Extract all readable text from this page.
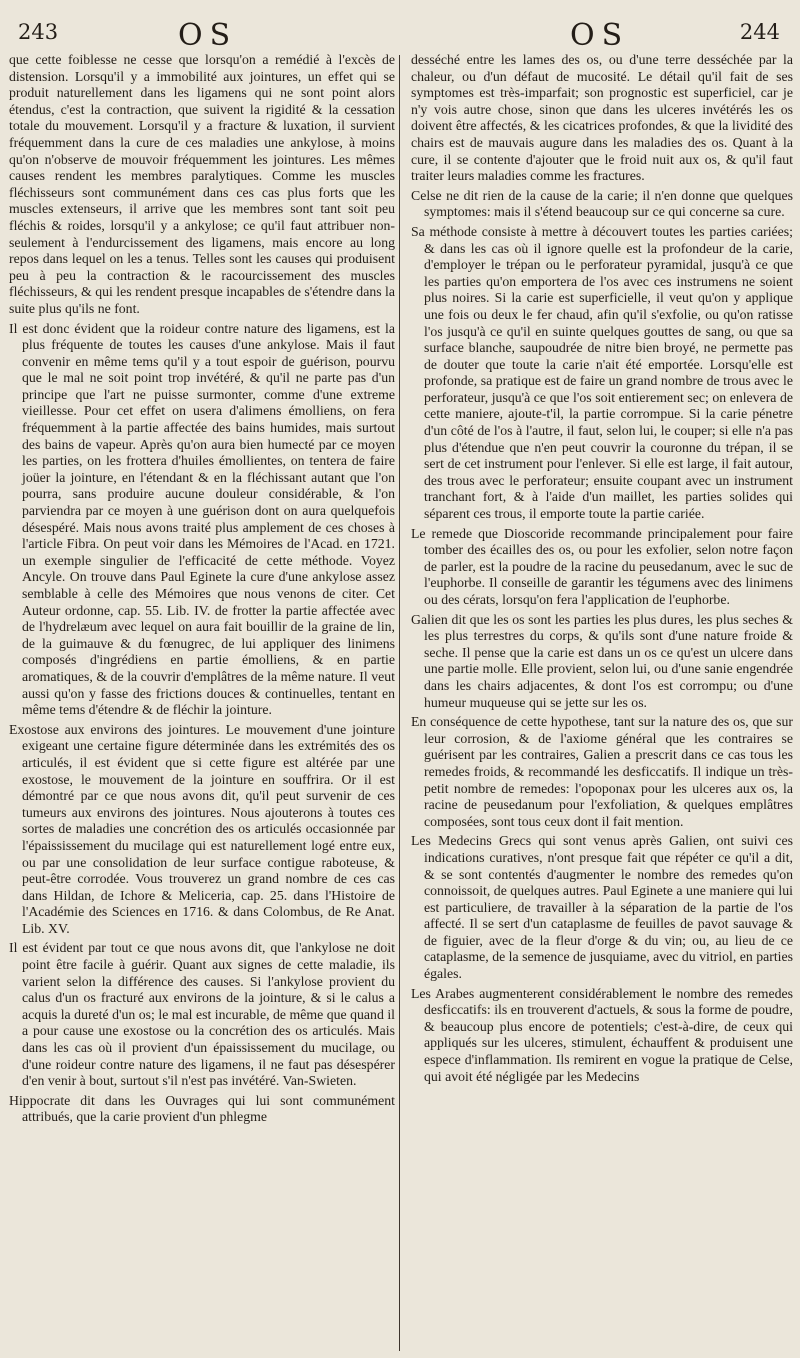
243	OS	OS	244

que cette foiblesse ne cesse que lorsqu'on a remédié à l'excès de distension. Lorsqu'il y a immobilité aux jointures, un effet qui se produit naturellement dans les ligamens qui ne sont point alors étendus, c'est la contraction, que suivent la rigidité & la cessation totale du mouvement. Lorsqu'il y a fracture & luxation, il survient fréquemment dans la cure de ces maladies une ankylose, à moins qu'on n'observe de mouvoir fréquemment les jointures. Les mêmes causes rendent les membres paralytiques. Comme les muscles fléchisseurs sont communément dans ces cas plus forts que les muscles extenseurs, il arrive que les membres sont tant soit peu fléchis & roides, lorsqu'il y a ankylose; ce qu'il faut attribuer non-seulement à l'endurcissement des ligamens, mais encore au long repos dans lequel on les a tenus. Telles sont les causes qui produisent peu à peu la contraction & le racourcissement des muscles fléchisseurs, & qui les rendent presque incapables de s'étendre dans la suite plus qu'ils ne font.

Il est donc évident que la roideur contre nature des ligamens, est la plus fréquente de toutes les causes d'une ankylose. Mais il faut convenir en même tems qu'il y a tout espoir de guérison, pourvu que le mal ne soit point trop invétéré, & qu'il ne parte pas d'un principe que l'art ne puisse surmonter, comme d'une extreme vieillesse. Pour cet effet on usera d'alimens émolliens, on fera fréquemment à la partie affectée des bains humides, mais surtout des bains de vapeur. Après qu'on aura bien humecté par ce moyen les parties, on les frottera d'huiles émollientes, on tentera de faire joüer la jointure, en l'étendant & en la fléchissant autant que l'on pourra, sans produire aucune douleur considérable, & l'on parviendra par ce moyen à une guérison dont on aura quelquefois désespéré. Mais nous avons traité plus amplement de ces choses à l'article Fibra. On peut voir dans les Mémoires de l'Acad. en 1721. un exemple singulier de l'efficacité de cette méthode. Voyez Ancyle. On trouve dans Paul Eginete la cure d'une ankylose assez semblable à celle des Mémoires que nous venons de citer. Cet Auteur ordonne, cap. 55. Lib. IV. de frotter la partie affectée avec de l'hydrelæum avec lequel on aura fait bouillir de la graine de lin, de la guimauve & du fœnugrec, de lui appliquer des linimens composés d'ingrédiens en partie émolliens, & en partie aromatiques, & de la couvrir d'emplâtres de la même nature. Il veut aussi qu'on y fasse des frictions douces & continuelles, tentant en même tems d'étendre & de fléchir la jointure.

Exostose aux environs des jointures. Le mouvement d'une jointure exigeant une certaine figure déterminée dans les extrémités des os articulés, il est évident que si cette figure est altérée par une exostose, le mouvement de la jointure en souffrira. Or il est démontré par ce que nous avons dit, qu'il peut survenir de ces tumeurs aux environs des jointures. Nous ajouterons à toutes ces sortes de maladies une concrétion des os articulés occasionnée par l'épaississement du mucilage qui est naturellement logé entre eux, ou par une consolidation de leur surface contigue raboteuse, & peut-être corrodée. Vous trouverez un grand nombre de ces cas dans Hildan, de Ichore & Meliceria, cap. 25. dans l'Histoire de l'Académie des Sciences en 1716. & dans Colombus, de Re Anat. Lib. XV.

Il est évident par tout ce que nous avons dit, que l'ankylose ne doit point être facile à guérir. Quant aux signes de cette maladie, ils varient selon la différence des causes. Si l'ankylose provient du calus d'un os fracturé aux environs de la jointure, & si le calus a acquis la dureté d'un os; le mal est incurable, de même que quand il a pour cause une exostose ou la concrétion des os articulés. Mais dans les cas où il provient d'un épaississement du mucilage, ou d'une roideur contre nature des ligamens, il ne faut pas désespérer d'en venir à bout, surtout s'il n'est pas invétéré. Van-Swieten.

Hippocrate dit dans les Ouvrages qui lui sont communément attribués, que la carie provient d'un phlegme

desséché entre les lames des os, ou d'une terre desséchée par la chaleur, ou d'un défaut de mucosité. Le détail qu'il fait de ses symptomes est très-imparfait; son prognostic est superficiel, car je n'y vois autre chose, sinon que dans les ulceres invétérés les os doivent être affectés, & les cicatrices profondes, & que la lividité des chairs est de mauvais augure dans les maladies des os. Quant à la cure, il se contente d'ajouter que le froid nuit aux os, & qu'il faut traiter leurs maladies comme les fractures.

Celse ne dit rien de la cause de la carie; il n'en donne que quelques symptomes: mais il s'étend beaucoup sur ce qui concerne sa cure.

Sa méthode consiste à mettre à découvert toutes les parties cariées; & dans les cas où il ignore quelle est la profondeur de la carie, d'employer le trépan ou le perforateur pyramidal, jusqu'à ce que les parties qu'on emportera de l'os avec ces instrumens ne soient plus noires. Si la carie est superficielle, il veut qu'on y applique une fois ou deux le fer chaud, afin qu'il s'exfolie, ou qu'on ratisse l'os jusqu'à ce qu'il en suinte quelques gouttes de sang, ou que sa surface blanche, saupoudrée de nitre bien broyé, ne permette pas de douter que toute la carie n'ait été emportée. Lorsqu'elle est profonde, sa pratique est de faire un grand nombre de trous avec le perforateur, jusqu'à ce que l'os soit entierement sec; on enlevera de cette maniere, ajoute-t'il, la partie corrompue. Si la carie pénetre d'un côté de l'os à l'autre, il faut, selon lui, le couper; si elle n'a pas plus d'étendue que n'en peut couvrir la couronne du trépan, il se sert de cet instrument pour l'enlever. Si elle est large, il fait autour, des trous avec le perforateur; ensuite coupant avec un instrument tranchant fort, & à l'aide d'un maillet, les parties solides qui séparent ces trous, il emporte toute la partie cariée.

Le remede que Dioscoride recommande principalement pour faire tomber des écailles des os, ou pour les exfolier, selon notre façon de parler, est la poudre de la racine du peusedanum, avec le suc de l'euphorbe. Il conseille de garantir les tégumens avec des linimens ou des cérats, lorsqu'on fera l'application de l'euphorbe.

Galien dit que les os sont les parties les plus dures, les plus seches & les plus terrestres du corps, & qu'ils sont d'une nature froide & seche. Il pense que la carie est dans un os ce qu'est un ulcere dans une partie molle. Elle provient, selon lui, ou d'une sanie engendrée dans les chairs adjacentes, & dont l'os est corrompu; ou d'une humeur muqueuse qui se jette sur les os.

En conséquence de cette hypothese, tant sur la nature des os, que sur leur corrosion, & de l'axiome général que les contraires se guérisent par les contraires, Galien a prescrit dans ce cas tous les remedes froids, & recommandé les desficcatifs. Il indique un très-petit nombre de remedes: l'opoponax pour les ulceres aux os, la racine de peusedanum pour l'exfoliation, & quelques emplâtres composées, sont tous ceux dont il fait mention.

Les Medecins Grecs qui sont venus après Galien, ont suivi ces indications curatives, n'ont presque fait que répéter ce qu'il a dit, & se sont contentés d'augmenter le nombre des remedes qu'on connoissoit, de quelques autres. Paul Eginete a une maniere qui lui est particuliere, de travailler à la séparation de la partie de l'os affecté. Il se sert d'un cataplasme de feuilles de pavot sauvage & de figuier, avec de la fleur d'orge & du vin; ou, au lieu de ce cataplasme, de la semence de jusquiame, avec du vitriol, en parties égales.

Les Arabes augmenterent considérablement le nombre des remedes desficcatifs: ils en trouverent d'actuels, & sous la forme de poudre, & beaucoup plus encore de potentiels; c'est-à-dire, de ceux qui appliqués sur les ulceres, stimulent, échauffent & produisent une espece d'inflammation. Ils remirent en vogue la pratique de Celse, qui avoit été négligée par les Medecins
